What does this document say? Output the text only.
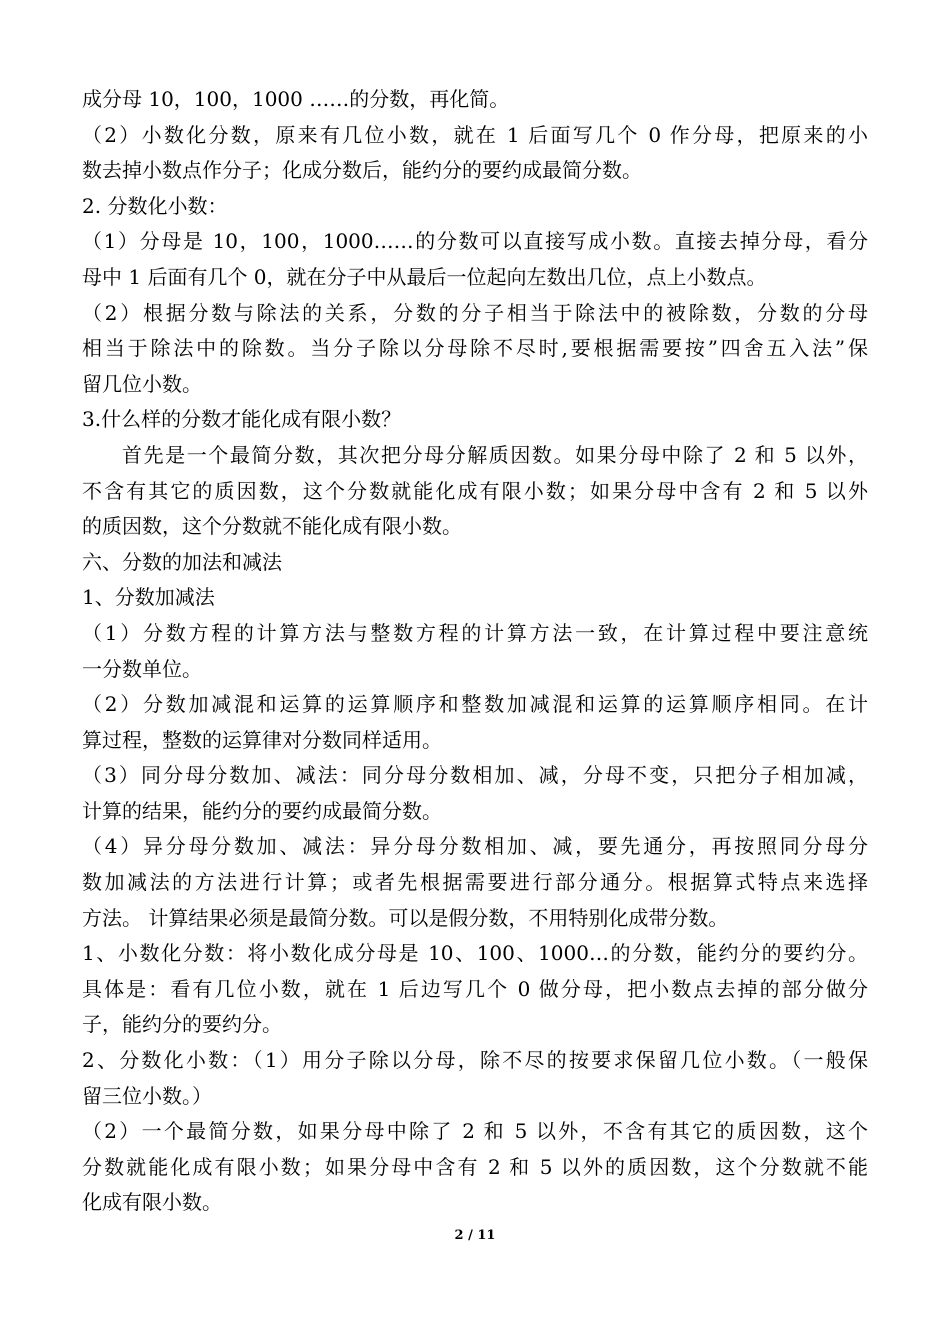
成分母 10，100，1000 ……的分数，再化简。

（2）小数化分数，原来有几位小数，就在 1 后面写几个 0 作分母，把原来的小

数去掉小数点作分子；化成分数后，能约分的要约成最简分数。

2. 分数化小数：

（1）分母是 10，100，1000……的分数可以直接写成小数。直接去掉分母，看分

母中 1 后面有几个 0，就在分子中从最后一位起向左数出几位，点上小数点。

（2）根据分数与除法的关系，分数的分子相当于除法中的被除数，分数的分母

相当于除法中的除数。当分子除以分母除不尽时,要根据需要按”四舍五入法”保

留几位小数。

3.什么样的分数才能化成有限小数？

首先是一个最简分数，其次把分母分解质因数。如果分母中除了 2 和 5 以外，

不含有其它的质因数，这个分数就能化成有限小数；如果分母中含有 2 和 5 以外

的质因数，这个分数就不能化成有限小数。

六、分数的加法和减法

1、分数加减法

（1）分数方程的计算方法与整数方程的计算方法一致，在计算过程中要注意统

一分数单位。

（2）分数加减混和运算的运算顺序和整数加减混和运算的运算顺序相同。在计

算过程，整数的运算律对分数同样适用。

（3）同分母分数加、减法：同分母分数相加、减，分母不变，只把分子相加减，

计算的结果，能约分的要约成最简分数。

（4）异分母分数加、减法：异分母分数相加、减，要先通分，再按照同分母分

数加减法的方法进行计算；或者先根据需要进行部分通分。根据算式特点来选择

方法。 计算结果必须是最简分数。可以是假分数，不用特别化成带分数。

1、小数化分数：将小数化成分母是 10、100、1000…的分数，能约分的要约分。

具体是：看有几位小数，就在 1 后边写几个 0 做分母，把小数点去掉的部分做分

子，能约分的要约分。

2、分数化小数：（1）用分子除以分母，除不尽的按要求保留几位小数。（一般保

留三位小数。）

（2）一个最简分数，如果分母中除了 2 和 5 以外，不含有其它的质因数，这个

分数就能化成有限小数；如果分母中含有 2 和 5 以外的质因数，这个分数就不能

化成有限小数。

2 / 11
